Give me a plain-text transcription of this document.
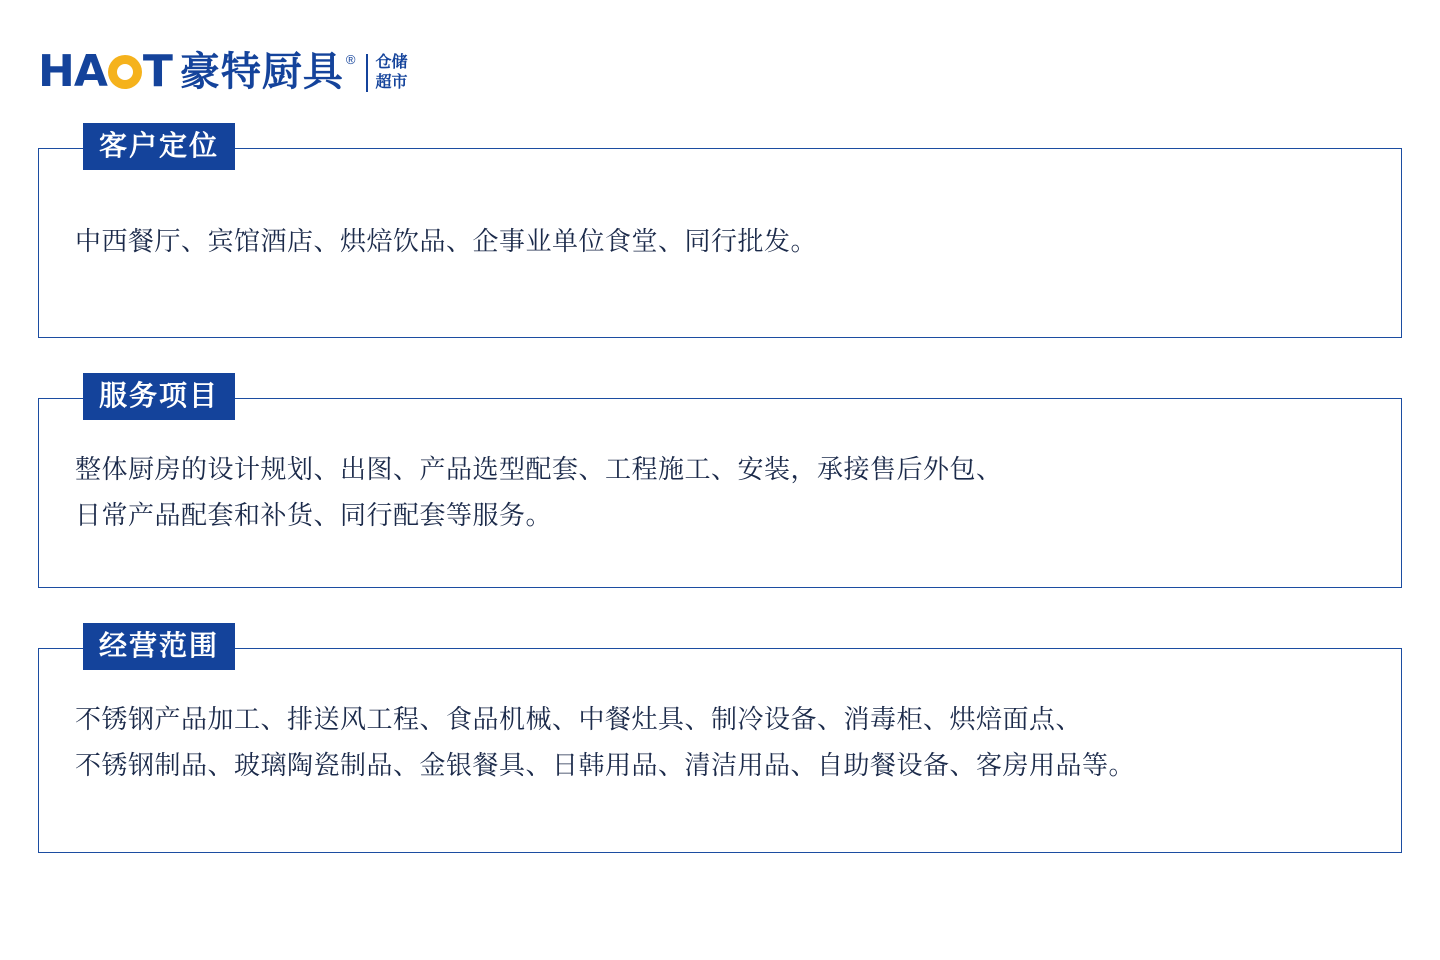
HA T 豪特厨具 ® 仓储
超市
客户定位

中西餐厅、宾馆酒店、烘焙饮品、企事业单位食堂、同行批发。

服务项目

整体厨房的设计规划、出图、产品选型配套、工程施工、安装，承接售后外包、

日常产品配套和补货、同行配套等服务。

经营范围

不锈钢产品加工、排送风工程、食品机械、中餐灶具、制冷设备、消毒柜、烘焙面点、

不锈钢制品、玻璃陶瓷制品、金银餐具、日韩用品、清洁用品、自助餐设备、客房用品等。
